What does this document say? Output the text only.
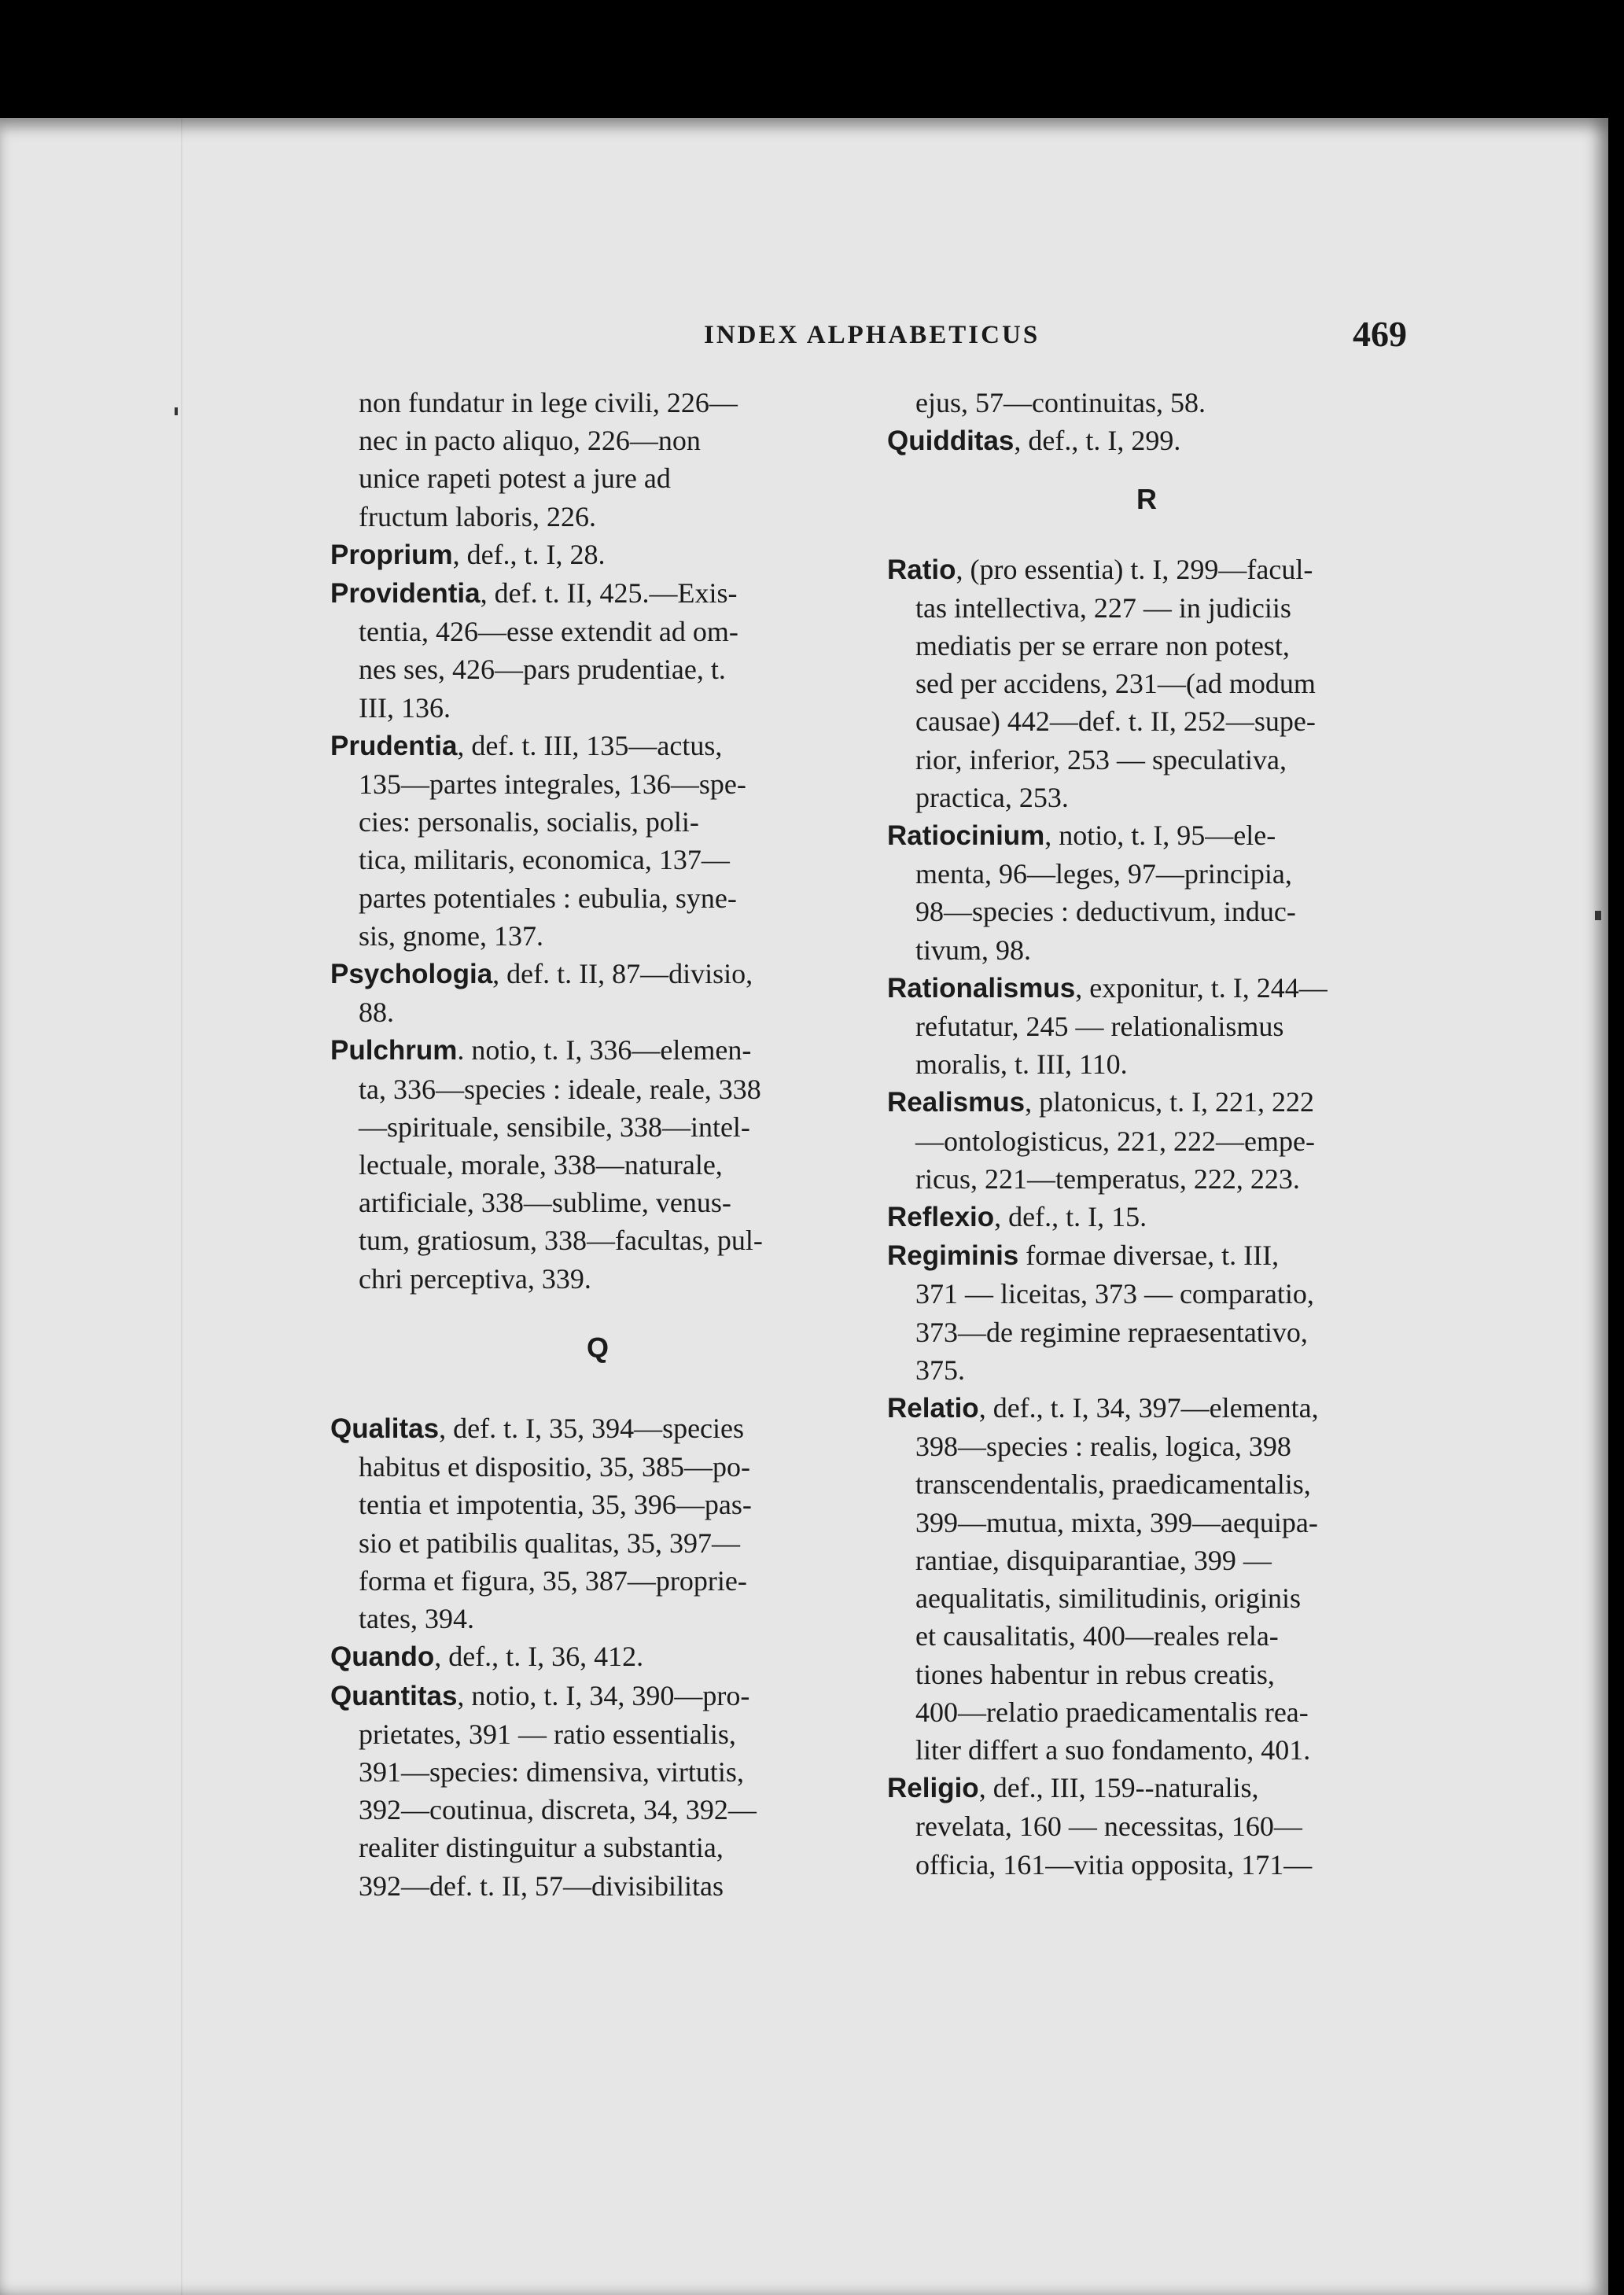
INDEX ALPHABETICUS	469
non fundatur in lege civili, 226—
nec in pacto aliquo, 226—non
unice rapeti potest a jure ad
fructum laboris, 226.
Proprium, def., t. I, 28.
Providentia, def. t. II, 425.—Exis-
tentia, 426—esse extendit ad om-
nes ses, 426—pars prudentiae, t.
III, 136.
Prudentia, def. t. III, 135—actus,
135—partes integrales, 136—spe-
cies: personalis, socialis, poli-
tica, militaris, economica, 137—
partes potentiales : eubulia, syne-
sis, gnome, 137.
Psychologia, def. t. II, 87—divisio,
88.
Pulchrum. notio, t. I, 336—elemen-
ta, 336—species : ideale, reale, 338
—spirituale, sensibile, 338—intel-
lectuale, morale, 338—naturale,
artificiale, 338—sublime, venus-
tum, gratiosum, 338—facultas, pul-
chri perceptiva, 339.
Q
Qualitas, def. t. I, 35, 394—species
habitus et dispositio, 35, 385—po-
tentia et impotentia, 35, 396—pas-
sio et patibilis qualitas, 35, 397—
forma et figura, 35, 387—proprie-
tates, 394.
Quando, def., t. I, 36, 412.
Quantitas, notio, t. I, 34, 390—pro-
prietates, 391 — ratio essentialis,
391—species: dimensiva, virtutis,
392—coutinua, discreta, 34, 392—
realiter distinguitur a substantia,
392—def. t. II, 57—divisibilitas
ejus, 57—continuitas, 58.
Quidditas, def., t. I, 299.
R
Ratio, (pro essentia) t. I, 299—facul-
tas intellectiva, 227 — in judiciis
mediatis per se errare non potest,
sed per accidens, 231—(ad modum
causae) 442—def. t. II, 252—supe-
rior, inferior, 253 — speculativa,
practica, 253.
Ratiocinium, notio, t. I, 95—ele-
menta, 96—leges, 97—principia,
98—species : deductivum, induc-
tivum, 98.
Rationalismus, exponitur, t. I, 244—
refutatur, 245 — relationalismus
moralis, t. III, 110.
Realismus, platonicus, t. I, 221, 222
—ontologisticus, 221, 222—empe-
ricus, 221—temperatus, 222, 223.
Reflexio, def., t. I, 15.
Regiminis formae diversae, t. III,
371 — liceitas, 373 — comparatio,
373—de regimine repraesentativo,
375.
Relatio, def., t. I, 34, 397—elementa,
398—species : realis, logica, 398
transcendentalis, praedicamentalis,
399—mutua, mixta, 399—aequipa-
rantiae, disquiparantiae, 399 —
aequalitatis, similitudinis, originis
et causalitatis, 400—reales rela-
tiones habentur in rebus creatis,
400—relatio praedicamentalis rea-
liter differt a suo fondamento, 401.
Religio, def., III, 159--naturalis,
revelata, 160 — necessitas, 160—
officia, 161—vitia opposita, 171—
